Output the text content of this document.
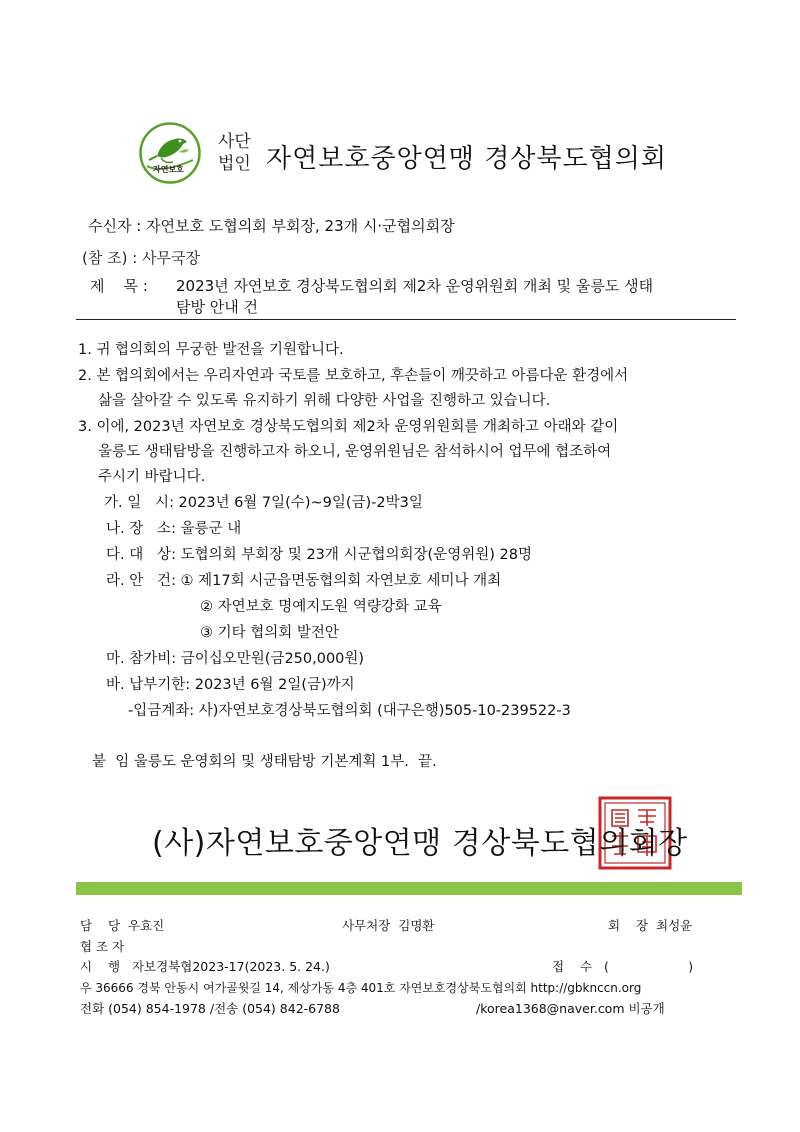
자연보호
사단
법인 자연보호중앙연맹 경상북도협의회
수신자 : 자연보호 도협의회 부회장, 23개 시·군협의회장
(참 조) : 사무국장
제    목 : 2023년 자연보호 경상북도협의회 제2차 운영위원회 개최 및 울릉도 생태
탐방 안내 건
1. 귀 협의회의 무궁한 발전을 기원합니다.
2. 본 협의회에서는 우리자연과 국토를 보호하고, 후손들이 깨끗하고 아름다운 환경에서
삶을 살아갈 수 있도록 유지하기 위해 다양한 사업을 진행하고 있습니다.
3. 이에, 2023년 자연보호 경상북도협의회 제2차 운영위원회를 개최하고 아래와 같이
울릉도 생태탐방을 진행하고자 하오니, 운영위원님은 참석하시어 업무에 협조하여
주시기 바랍니다.
가. 일   시: 2023년 6월 7일(수)~9일(금)-2박3일
나. 장   소: 울릉군 내
다. 대   상: 도협의회 부회장 및 23개 시군협의회장(운영위원) 28명
라. 안   건: ① 제17회 시군읍면동협의회 자연보호 세미나 개최
② 자연보호 명예지도원 역량강화 교육
③ 기타 협의회 발전안
마. 참가비: 금이십오만원(금250,000원)
바. 납부기한: 2023년 6월 2일(금)까지
-입금계좌: 사)자연보호경상북도협의회 (대구은행)505-10-239522-3
붙  임 울릉도 운영회의 및 생태탐방 기본계획 1부.  끝.
(사)자연보호중앙연맹 경상북도협의회장
담    당  우효진	사무처장  김명환	회    장  최성윤
협 조 자
시    행   자보경북협2023-17(2023. 5. 24.)	접    수   (                    )
우 36666 경북 안동시 여가골윗길 14, 제상가동 4층 401호 자연보호경상북도협의회 http://gbknccn.org
전화 (054) 854-1978 /전송 (054) 842-6788	/korea1368@naver.com 비공개
